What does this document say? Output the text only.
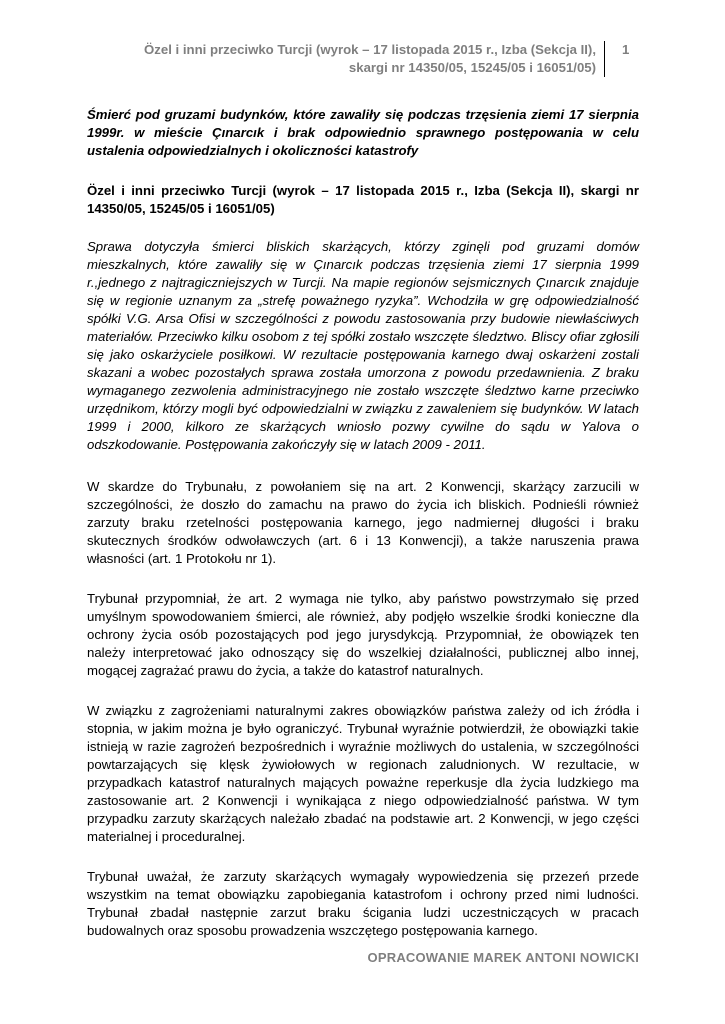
Özel i inni przeciwko Turcji (wyrok – 17 listopada 2015 r., Izba (Sekcja II),
skargi nr 14350/05, 15245/05 i 16051/05)
1

Śmierć pod gruzami budynków, które zawaliły się podczas trzęsienia ziemi 17 sierpnia 1999r. w mieście Çınarcık i brak odpowiednio sprawnego postępowania w celu ustalenia odpowiedzialnych i okoliczności katastrofy

Özel i inni przeciwko Turcji (wyrok – 17 listopada 2015 r., Izba (Sekcja II), skargi nr 14350/05, 15245/05 i 16051/05)

Sprawa dotyczyła śmierci bliskich skarżących, którzy zginęli pod gruzami domów mieszkalnych, które zawaliły się w Çınarcık podczas trzęsienia ziemi 17 sierpnia 1999 r.,jednego z najtragiczniejszych w Turcji. Na mapie regionów sejsmicznych Çınarcık znajduje się w regionie uznanym za „strefę poważnego ryzyka”. Wchodziła w grę odpowiedzialność spółki V.G. Arsa Ofisi w szczególności z powodu zastosowania przy budowie niewłaściwych materiałów. Przeciwko kilku osobom z tej spółki zostało wszczęte śledztwo. Bliscy ofiar zgłosili się jako oskarżyciele posiłkowi. W rezultacie postępowania karnego dwaj oskarżeni zostali skazani a wobec pozostałych sprawa została umorzona z powodu przedawnienia. Z braku wymaganego zezwolenia administracyjnego nie zostało wszczęte śledztwo karne przeciwko urzędnikom, którzy mogli być odpowiedzialni w związku z zawaleniem się budynków. W latach 1999 i 2000, kilkoro ze skarżących wniosło pozwy cywilne do sądu w Yalova o odszkodowanie. Postępowania zakończyły się w latach 2009 - 2011.

W skardze do Trybunału, z powołaniem się na art. 2 Konwencji, skarżący zarzucili w szczególności, że doszło do zamachu na prawo do życia ich bliskich. Podnieśli również zarzuty braku rzetelności postępowania karnego, jego nadmiernej długości i braku skutecznych środków odwoławczych (art. 6 i 13 Konwencji), a także naruszenia prawa własności (art. 1 Protokołu nr 1).

Trybunał przypomniał, że art. 2 wymaga nie tylko, aby państwo powstrzymało się przed umyślnym spowodowaniem śmierci, ale również, aby podjęło wszelkie środki konieczne dla ochrony życia osób pozostających pod jego jurysdykcją. Przypomniał, że obowiązek ten należy interpretować jako odnoszący się do wszelkiej działalności, publicznej albo innej, mogącej zagrażać prawu do życia, a także do katastrof naturalnych.

W związku z zagrożeniami naturalnymi zakres obowiązków państwa zależy od ich źródła i stopnia, w jakim można je było ograniczyć. Trybunał wyraźnie potwierdził, że obowiązki takie istnieją w razie zagrożeń bezpośrednich i wyraźnie możliwych do ustalenia, w szczególności powtarzających się klęsk żywiołowych w regionach zaludnionych. W rezultacie, w przypadkach katastrof naturalnych mających poważne reperkusje dla życia ludzkiego ma zastosowanie art. 2 Konwencji i wynikająca z niego odpowiedzialność państwa. W tym przypadku zarzuty skarżących należało zbadać na podstawie art. 2 Konwencji, w jego części materialnej i proceduralnej.

Trybunał uważał, że zarzuty skarżących wymagały wypowiedzenia się przezeń przede wszystkim na temat obowiązku zapobiegania katastrofom i ochrony przed nimi ludności. Trybunał zbadał następnie zarzut braku ścigania ludzi uczestniczących w pracach budowalnych oraz sposobu prowadzenia wszczętego postępowania karnego.

OPRACOWANIE MAREK ANTONI NOWICKI
